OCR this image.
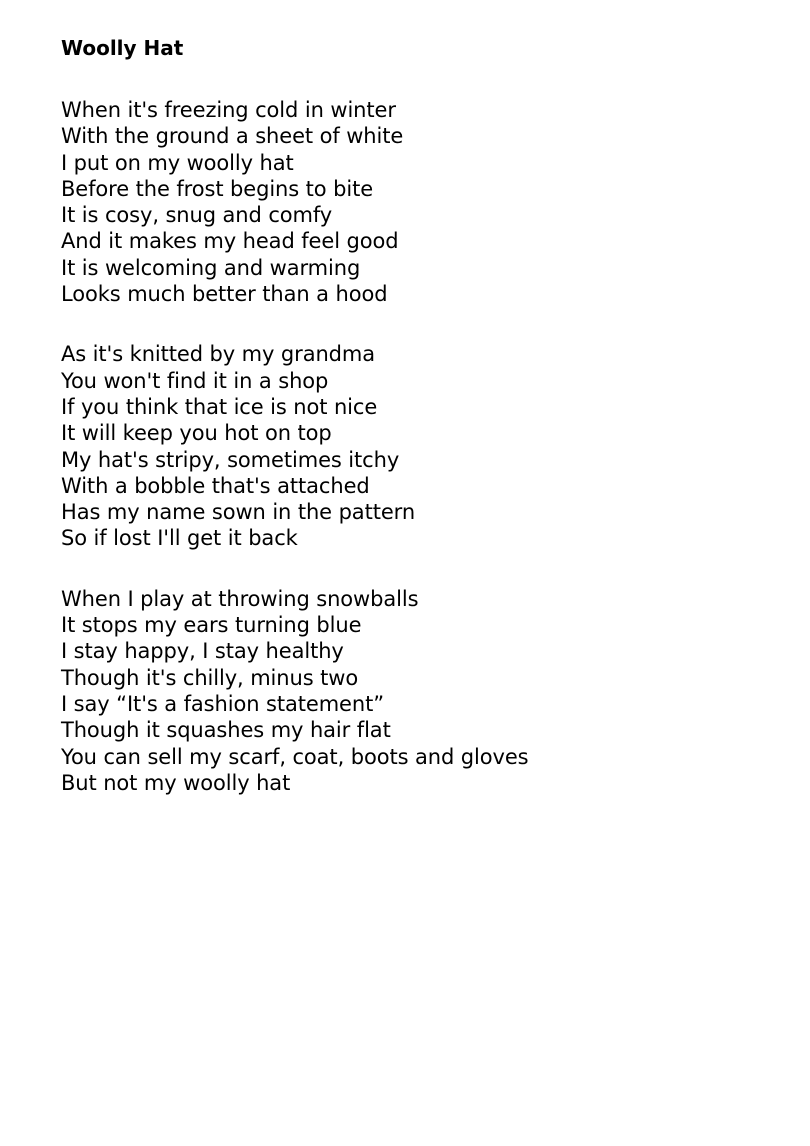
Woolly Hat
When it's freezing cold in winter
With the ground a sheet of white
I put on my woolly hat
Before the frost begins to bite
It is cosy, snug and comfy
And it makes my head feel good
It is welcoming and warming
Looks much better than a hood
As it's knitted by my grandma
You won't find it in a shop
If you think that ice is not nice
It will keep you hot on top
My hat's stripy, sometimes itchy
With a bobble that's attached
Has my name sown in the pattern
So if lost I'll get it back
When I play at throwing snowballs
It stops my ears turning blue
I stay happy, I stay healthy
Though it's chilly, minus two
I say “It's a fashion statement”
Though it squashes my hair flat
You can sell my scarf, coat, boots and gloves
But not my woolly hat
